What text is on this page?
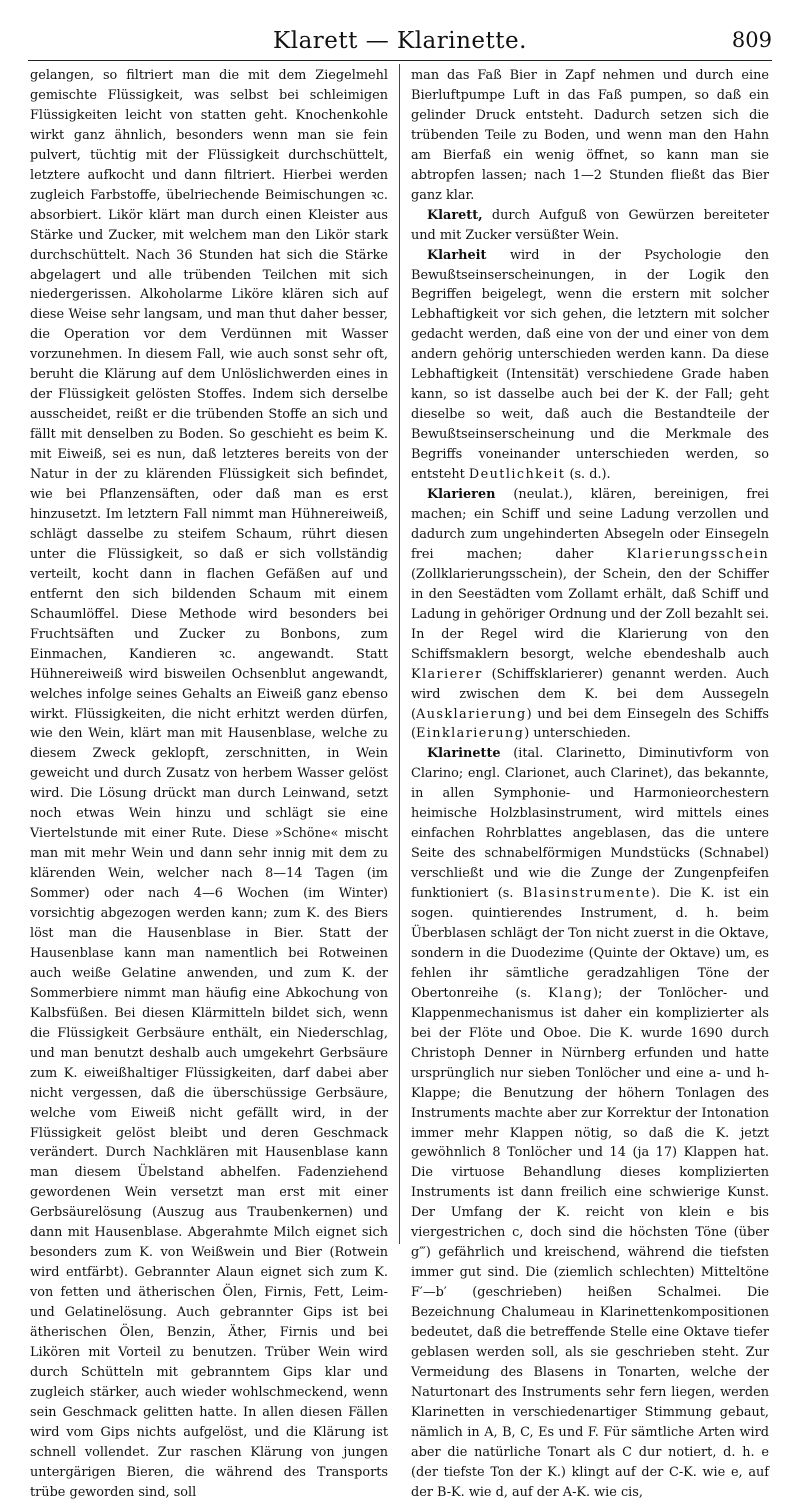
Klarett — Klarinette.	809

gelangen, so filtriert man die mit dem Ziegelmehl gemischte Flüssigkeit, was selbst bei schleimigen Flüssigkeiten leicht von statten geht. Knochenkohle wirkt ganz ähnlich, besonders wenn man sie fein pulvert, tüchtig mit der Flüssigkeit durchschüttelt, letztere aufkocht und dann filtriert. Hierbei werden zugleich Farbstoffe, übelriechende Beimischungen ꝛc. absorbiert. Likör klärt man durch einen Kleister aus Stärke und Zucker, mit welchem man den Likör stark durchschüttelt. Nach 36 Stunden hat sich die Stärke abgelagert und alle trübenden Teilchen mit sich niedergerissen. Alkoholarme Liköre klären sich auf diese Weise sehr langsam, und man thut daher besser, die Operation vor dem Verdünnen mit Wasser vorzunehmen. In diesem Fall, wie auch sonst sehr oft, beruht die Klärung auf dem Unlöslichwerden eines in der Flüssigkeit gelösten Stoffes. Indem sich derselbe ausscheidet, reißt er die trübenden Stoffe an sich und fällt mit denselben zu Boden. So geschieht es beim K. mit Eiweiß, sei es nun, daß letzteres bereits von der Natur in der zu klärenden Flüssigkeit sich befindet, wie bei Pflanzensäften, oder daß man es erst hinzusetzt. Im letztern Fall nimmt man Hühnereiweiß, schlägt dasselbe zu steifem Schaum, rührt diesen unter die Flüssigkeit, so daß er sich vollständig verteilt, kocht dann in flachen Gefäßen auf und entfernt den sich bildenden Schaum mit einem Schaumlöffel. Diese Methode wird besonders bei Fruchtsäften und Zucker zu Bonbons, zum Einmachen, Kandieren ꝛc. angewandt. Statt Hühnereiweiß wird bisweilen Ochsenblut angewandt, welches infolge seines Gehalts an Eiweiß ganz ebenso wirkt. Flüssigkeiten, die nicht erhitzt werden dürfen, wie den Wein, klärt man mit Hausenblase, welche zu diesem Zweck geklopft, zerschnitten, in Wein geweicht und durch Zusatz von herbem Wasser gelöst wird. Die Lösung drückt man durch Leinwand, setzt noch etwas Wein hinzu und schlägt sie eine Viertelstunde mit einer Rute. Diese »Schöne« mischt man mit mehr Wein und dann sehr innig mit dem zu klärenden Wein, welcher nach 8—14 Tagen (im Sommer) oder nach 4—6 Wochen (im Winter) vorsichtig abgezogen werden kann; zum K. des Biers löst man die Hausenblase in Bier. Statt der Hausenblase kann man namentlich bei Rotweinen auch weiße Gelatine anwenden, und zum K. der Sommerbiere nimmt man häufig eine Abkochung von Kalbsfüßen. Bei diesen Klärmitteln bildet sich, wenn die Flüssigkeit Gerbsäure enthält, ein Niederschlag, und man benutzt deshalb auch umgekehrt Gerbsäure zum K. eiweißhaltiger Flüssigkeiten, darf dabei aber nicht vergessen, daß die überschüssige Gerbsäure, welche vom Eiweiß nicht gefällt wird, in der Flüssigkeit gelöst bleibt und deren Geschmack verändert. Durch Nachklären mit Hausenblase kann man diesem Übelstand abhelfen. Fadenziehend gewordenen Wein versetzt man erst mit einer Gerbsäurelösung (Auszug aus Traubenkernen) und dann mit Hausenblase. Abgerahmte Milch eignet sich besonders zum K. von Weißwein und Bier (Rotwein wird entfärbt). Gebrannter Alaun eignet sich zum K. von fetten und ätherischen Ölen, Firnis, Fett, Leim- und Gelatinelösung. Auch gebrannter Gips ist bei ätherischen Ölen, Benzin, Äther, Firnis und bei Likören mit Vorteil zu benutzen. Trüber Wein wird durch Schütteln mit gebranntem Gips klar und zugleich stärker, auch wieder wohlschmeckend, wenn sein Geschmack gelitten hatte. In allen diesen Fällen wird vom Gips nichts aufgelöst, und die Klärung ist schnell vollendet. Zur raschen Klärung von jungen untergärigen Bieren, die während des Transports trübe geworden sind, soll

man das Faß Bier in Zapf nehmen und durch eine Bierluftpumpe Luft in das Faß pumpen, so daß ein gelinder Druck entsteht. Dadurch setzen sich die trübenden Teile zu Boden, und wenn man den Hahn am Bierfaß ein wenig öffnet, so kann man sie abtropfen lassen; nach 1—2 Stunden fließt das Bier ganz klar.

Klarett, durch Aufguß von Gewürzen bereiteter und mit Zucker versüßter Wein.

Klarheit wird in der Psychologie den Bewußtseinserscheinungen, in der Logik den Begriffen beigelegt, wenn die erstern mit solcher Lebhaftigkeit vor sich gehen, die letztern mit solcher gedacht werden, daß eine von der und einer von dem andern gehörig unterschieden werden kann. Da diese Lebhaftigkeit (Intensität) verschiedene Grade haben kann, so ist dasselbe auch bei der K. der Fall; geht dieselbe so weit, daß auch die Bestandteile der Bewußtseinserscheinung und die Merkmale des Begriffs voneinander unterschieden werden, so entsteht Deutlichkeit (s. d.).

Klarieren (neulat.), klären, bereinigen, frei machen; ein Schiff und seine Ladung verzollen und dadurch zum ungehinderten Absegeln oder Einsegeln frei machen; daher Klarierungsschein (Zollklarierungsschein), der Schein, den der Schiffer in den Seestädten vom Zollamt erhält, daß Schiff und Ladung in gehöriger Ordnung und der Zoll bezahlt sei. In der Regel wird die Klarierung von den Schiffsmaklern besorgt, welche ebendeshalb auch Klarierer (Schiffsklarierer) genannt werden. Auch wird zwischen dem K. bei dem Aussegeln (Ausklarierung) und bei dem Einsegeln des Schiffs (Einklarierung) unterschieden.

Klarinette (ital. Clarinetto, Diminutivform von Clarino; engl. Clarionet, auch Clarinet), das bekannte, in allen Symphonie- und Harmonieorchestern heimische Holzblasinstrument, wird mittels eines einfachen Rohrblattes angeblasen, das die untere Seite des schnabelförmigen Mundstücks (Schnabel) verschließt und wie die Zunge der Zungenpfeifen funktioniert (s. Blasinstrumente). Die K. ist ein sogen. quintierendes Instrument, d. h. beim Überblasen schlägt der Ton nicht zuerst in die Oktave, sondern in die Duodezime (Quinte der Oktave) um, es fehlen ihr sämtliche geradzahligen Töne der Obertonreihe (s. Klang); der Tonlöcher- und Klappenmechanismus ist daher ein komplizierter als bei der Flöte und Oboe. Die K. wurde 1690 durch Christoph Denner in Nürnberg erfunden und hatte ursprünglich nur sieben Tonlöcher und eine a- und h-Klappe; die Benutzung der höhern Tonlagen des Instruments machte aber zur Korrektur der Intonation immer mehr Klappen nötig, so daß die K. jetzt gewöhnlich 8 Tonlöcher und 14 (ja 17) Klappen hat. Die virtuose Behandlung dieses komplizierten Instruments ist dann freilich eine schwierige Kunst. Der Umfang der K. reicht von klein e bis viergestrichen c, doch sind die höchsten Töne (über g‴) gefährlich und kreischend, während die tiefsten immer gut sind. Die (ziemlich schlechten) Mitteltöne F′—b′ (geschrieben) heißen Schalmei. Die Bezeichnung Chalumeau in Klarinettenkompositionen bedeutet, daß die betreffende Stelle eine Oktave tiefer geblasen werden soll, als sie geschrieben steht. Zur Vermeidung des Blasens in Tonarten, welche der Naturtonart des Instruments sehr fern liegen, werden Klarinetten in verschiedenartiger Stimmung gebaut, nämlich in A, B, C, Es und F. Für sämtliche Arten wird aber die natürliche Tonart als C dur notiert, d. h. e (der tiefste Ton der K.) klingt auf der C-K. wie e, auf der B-K. wie d, auf der A-K. wie cis,
